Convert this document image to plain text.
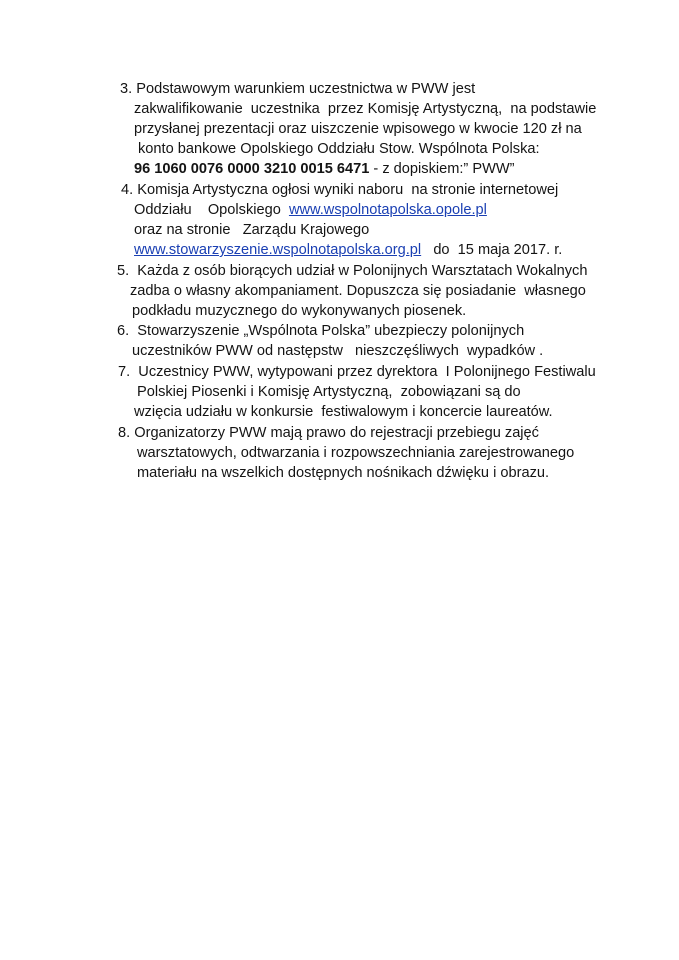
3. Podstawowym warunkiem uczestnictwa w PWW jest
zakwalifikowanie  uczestnika  przez Komisję Artystyczną,  na podstawie
przysłanej prezentacji oraz uiszczenie wpisowego w kwocie 120 zł na
konto bankowe Opolskiego Oddziału Stow. Wspólnota Polska:
96 1060 0076 0000 3210 0015 6471 - z dopiskiem:” PWW”
4. Komisja Artystyczna ogłosi wyniki naboru  na stronie internetowej
Oddziału    Opolskiego  www.wspolnotapolska.opole.pl
oraz na stronie   Zarządu Krajowego
www.stowarzyszenie.wspolnotapolska.org.pl   do  15 maja 2017. r.
5. Każda z osób biorących udział w Polonijnych Warsztatach Wokalnych
zadba o własny akompaniament. Dopuszcza się posiadanie  własnego
podkładu muzycznego do wykonywanych piosenek.
6. Stowarzyszenie „Wspólnota Polska” ubezpieczy polonijnych
uczestników PWW od następstw   nieszczęśliwych  wypadków .
7. Uczestnicy PWW, wytypowani przez dyrektora  I Polonijnego Festiwalu
Polskiej Piosenki i Komisję Artystyczną,  zobowiązani są do
wzięcia udziału w konkursie  festiwalowym i koncercie laureatów.
8. Organizatorzy PWW mają prawo do rejestracji przebiegu zajęć
warsztatowych, odtwarzania i rozpowszechniania zarejestrowanego
materiału na wszelkich dostępnych nośnikach dźwięku i obrazu.
